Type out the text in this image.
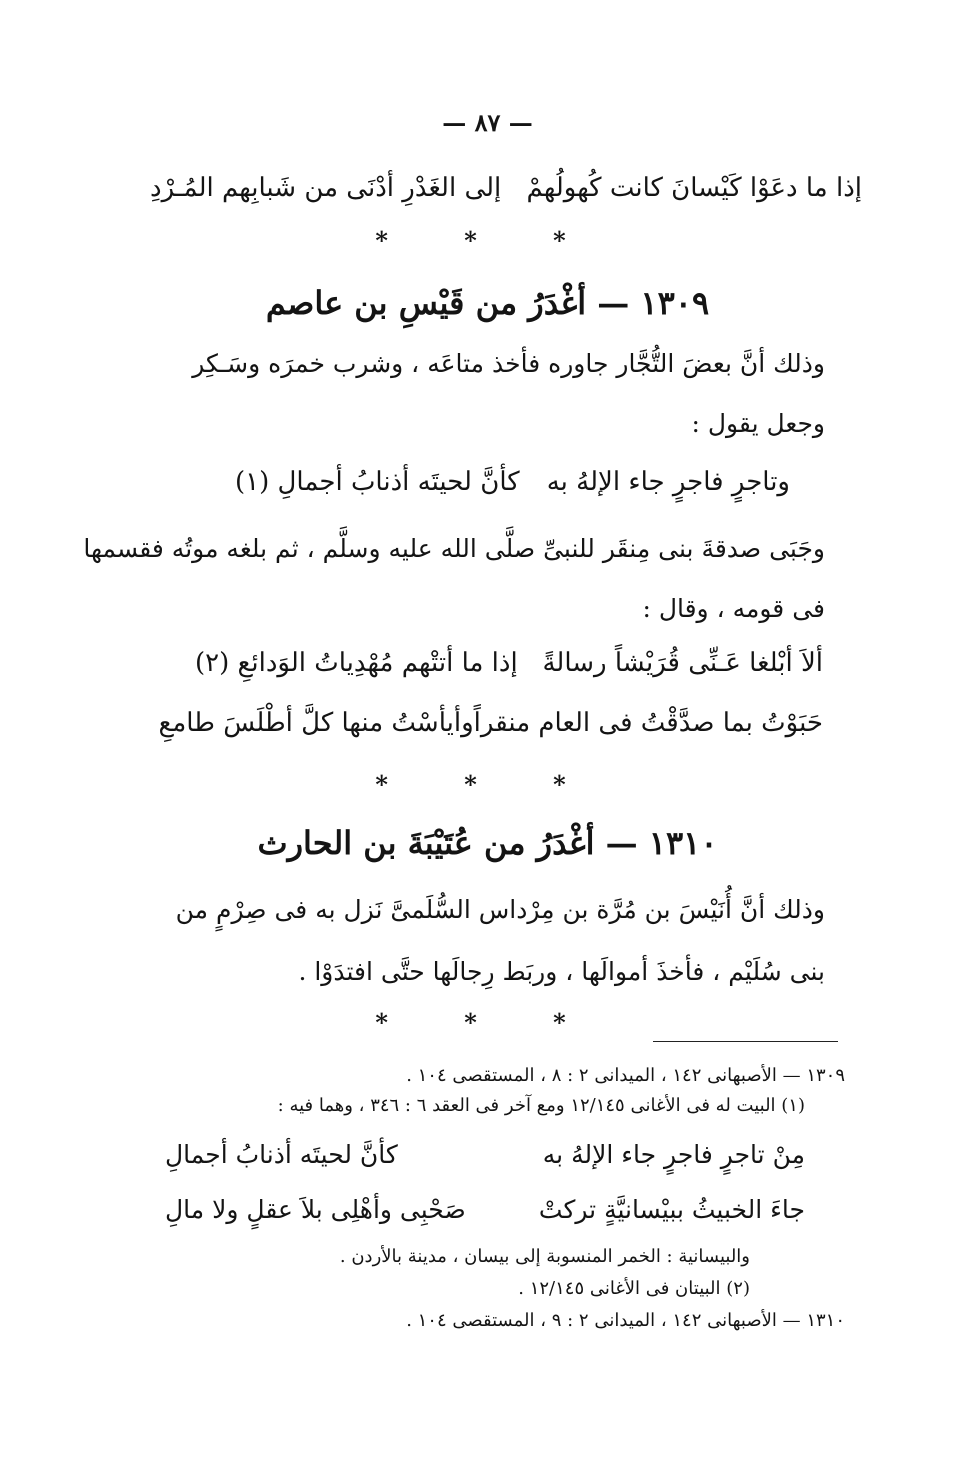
— ٨٧ —
إذا ما دعَوْا كَيْسانَ كانت كُهولُهمْ
إلى الغَدْرِ أدْنَى من شَبابِهم المُـرْدِ
* * *
١٣٠٩ — أغْدَرُ من قَيْسِ بن عاصم
وذلك أنَّ بعضَ التُّجَّار جاوره فأخذ متاعَه ، وشرب خمرَه وسَـكِر
وجعل يقول :
وتاجرٍ فاجرٍ جاء الإلهُ به
كأنَّ لحيتَه أذنابُ أجمالِ (١)
وجَبَى صدقةَ بنى مِنقَر للنبىِّ صلَّى الله عليه وسلَّم ، ثم بلغه موتُه فقسمها
فى قومه ، وقال :
ألاَ أبْلغا عَـنِّى قُرَيْشاً رسالةً
إذا ما أتتْهم مُهْدِياتُ الوَدائعِ (٢)
حَبَوْتُ بما صدَّقْتُ فى العام منقراً
وأيأسْتُ منها كلَّ أطْلَسَ طامعِ
* * *
١٣١٠ — أغْدَرُ من عُتَيْبَةَ بن الحارث
وذلك أنَّ أُنَيْسَ بن مُرَّة بن مِرْداس السُّلَمىَّ نَزل به فى صِرْمٍ من
بنى سُلَيْم ، فأخذَ أموالَها ، وربَط رِجالَها حتَّى افتدَوْا .
* * *
١٣٠٩ — الأصبهانى ١٤٢ ، الميدانى ٢ : ٨ ، المستقصى ١٠٤ .
(١) البيت له فى الأغانى ١٢/١٤٥ ومع آخر فى العقد ٦ : ٣٤٦ ، وهما فيه :
مِنْ تاجرٍ فاجرٍ جاء الإلهُ به
كأنَّ لحيتَه أذنابُ أجمالِ
جاءَ الخبيثُ ببيْسانيَّةٍ تركتْ
صَحْبِى وأهْلِى بلاَ عقلٍ ولا مالِ
والبيسانية : الخمر المنسوبة إلى بيسان ، مدينة بالأردن .
(٢) البيتان فى الأغانى ١٢/١٤٥ .
١٣١٠ — الأصبهانى ١٤٢ ، الميدانى ٢ : ٩ ، المستقصى ١٠٤ .
